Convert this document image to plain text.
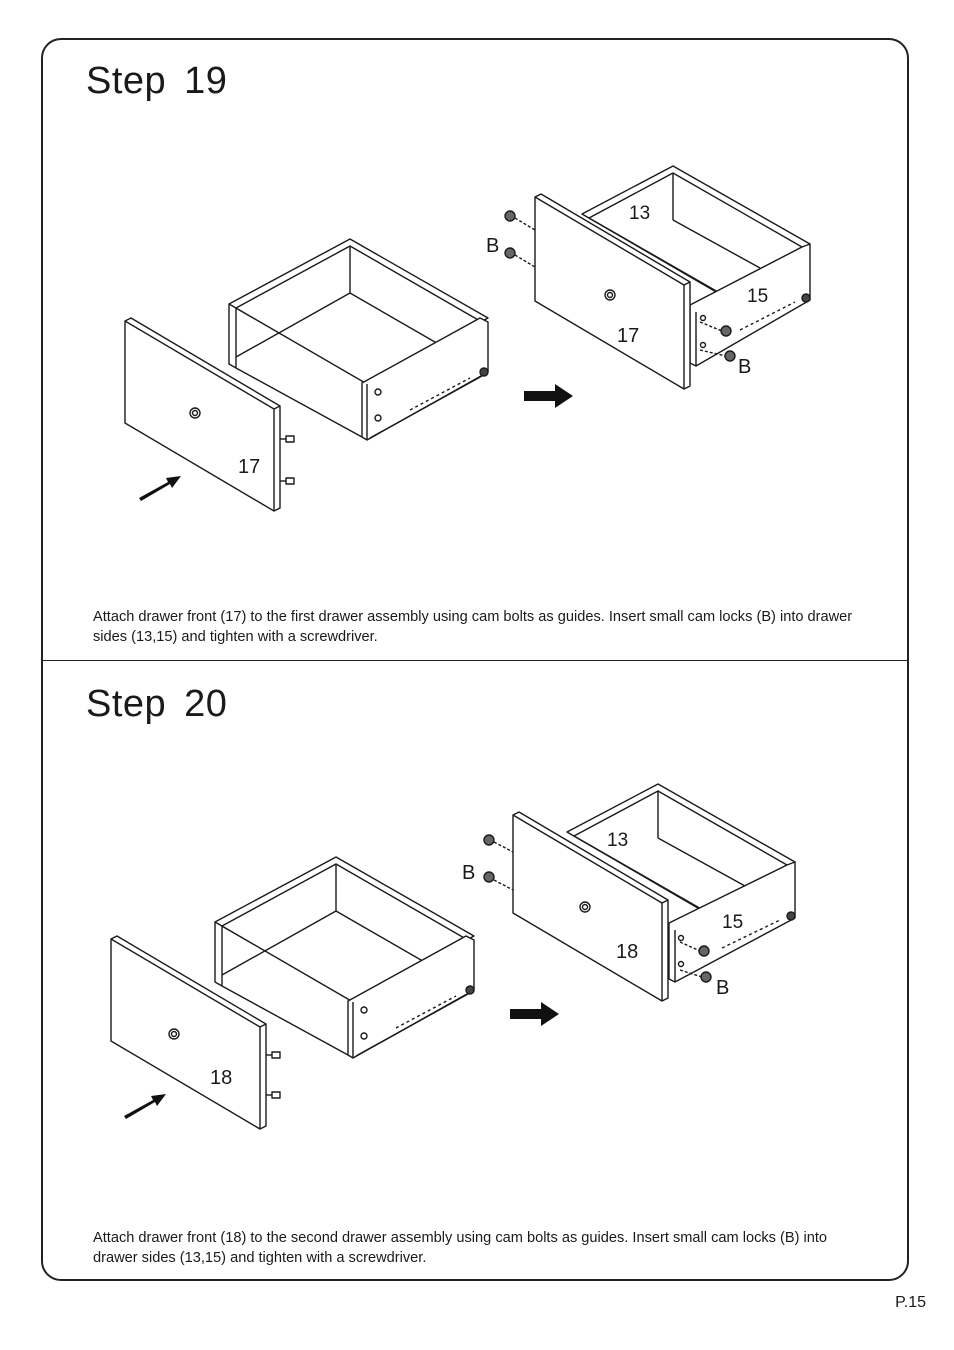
Step 19
17
13
15
17
B
B
Attach drawer front (17) to the first drawer assembly using cam bolts as guides. Insert small cam locks (B) into drawer sides (13,15) and tighten with a screwdriver.
Step 20
18
13
15
18
B
B
Attach drawer front (18) to the second drawer assembly using cam bolts as guides. Insert small cam locks (B) into drawer sides (13,15) and tighten with a screwdriver.
P.15
